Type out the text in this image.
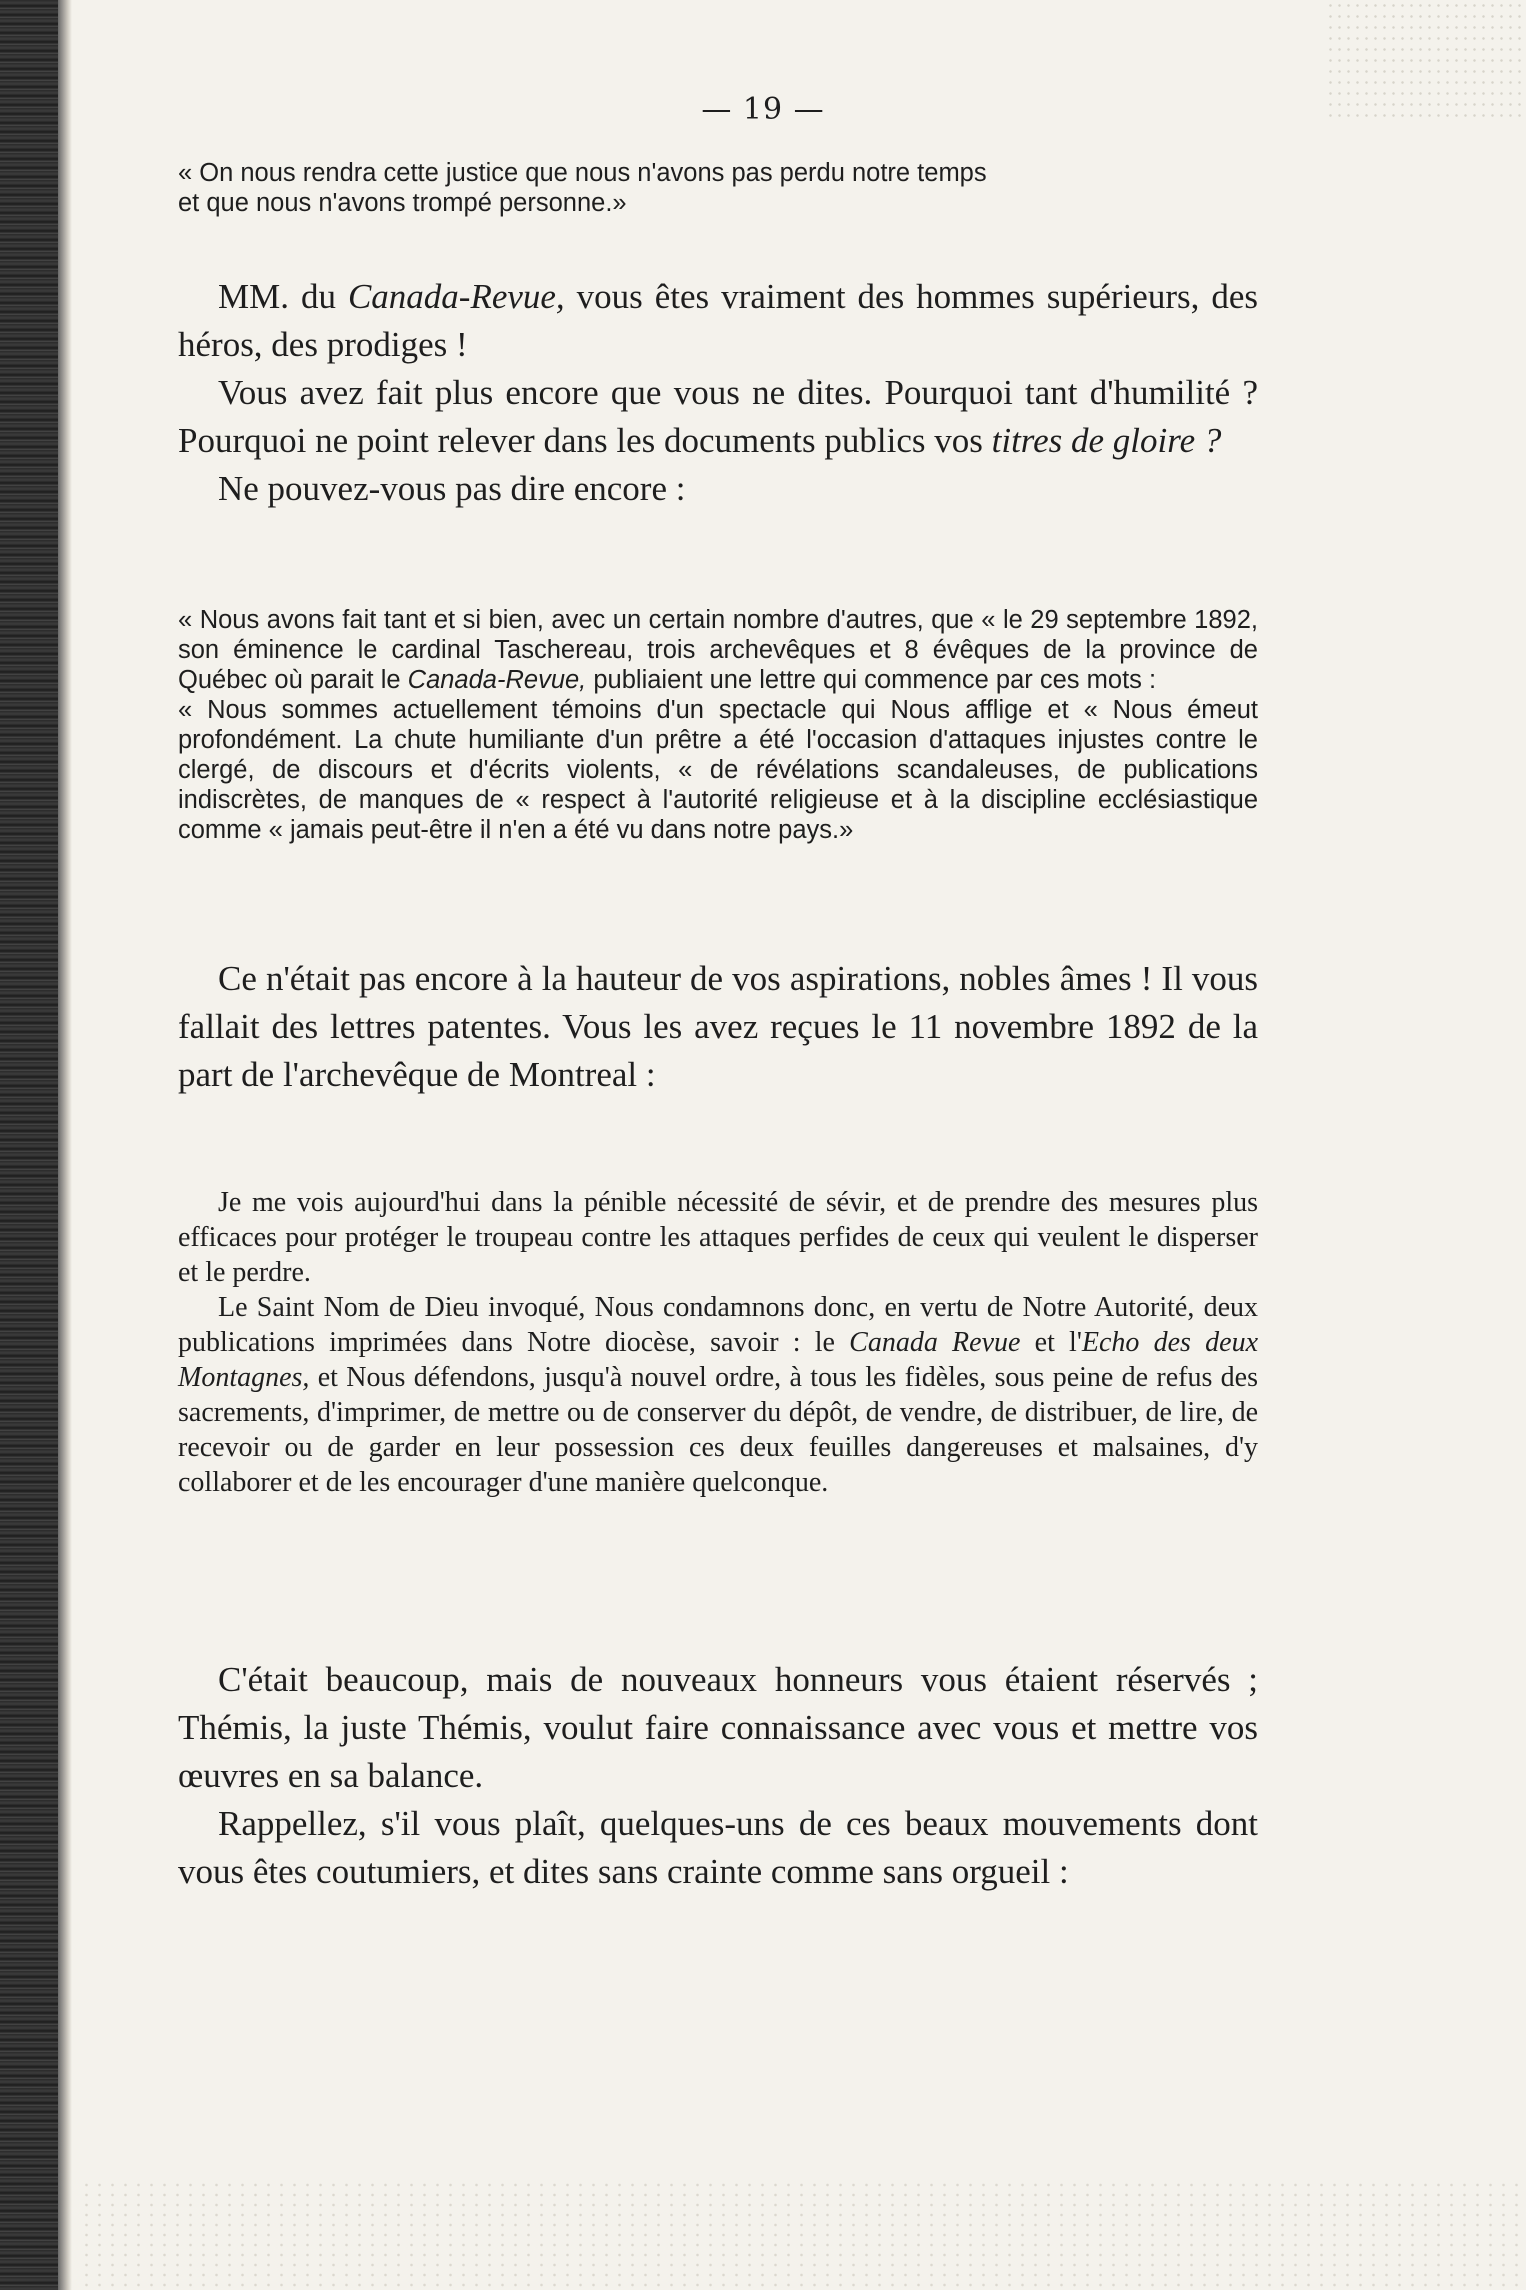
— 19 —

« On nous rendra cette justice que nous n'avons pas perdu notre temps

et que nous n'avons trompé personne.»

MM. du Canada-Revue, vous êtes vraiment des hommes supérieurs, des héros, des prodiges !

Vous avez fait plus encore que vous ne dites. Pourquoi tant d'humilité ? Pourquoi ne point relever dans les documents publics vos titres de gloire ?

Ne pouvez-vous pas dire encore :

« Nous avons fait tant et si bien, avec un certain nombre d'autres, que « le 29 septembre 1892, son éminence le cardinal Taschereau, trois archevêques et 8 évêques de la province de Québec où parait le Canada-Revue, publiaient une lettre qui commence par ces mots :

« Nous sommes actuellement témoins d'un spectacle qui Nous afflige et « Nous émeut profondément. La chute humiliante d'un prêtre a été l'occasion d'attaques injustes contre le clergé, de discours et d'écrits violents, « de révélations scandaleuses, de publications indiscrètes, de manques de « respect à l'autorité religieuse et à la discipline ecclésiastique comme « jamais peut-être il n'en a été vu dans notre pays.»

Ce n'était pas encore à la hauteur de vos aspirations, nobles âmes ! Il vous fallait des lettres patentes. Vous les avez reçues le 11 novembre 1892 de la part de l'archevêque de Montreal :

Je me vois aujourd'hui dans la pénible nécessité de sévir, et de prendre des mesures plus efficaces pour protéger le troupeau contre les attaques perfides de ceux qui veulent le disperser et le perdre.

Le Saint Nom de Dieu invoqué, Nous condamnons donc, en vertu de Notre Autorité, deux publications imprimées dans Notre diocèse, savoir : le Canada Revue et l'Echo des deux Montagnes, et Nous défendons, jusqu'à nouvel ordre, à tous les fidèles, sous peine de refus des sacrements, d'imprimer, de mettre ou de conserver du dépôt, de vendre, de distribuer, de lire, de recevoir ou de garder en leur possession ces deux feuilles dangereuses et malsaines, d'y collaborer et de les encourager d'une manière quelconque.

C'était beaucoup, mais de nouveaux honneurs vous étaient réservés ; Thémis, la juste Thémis, voulut faire connaissance avec vous et mettre vos œuvres en sa balance.

Rappellez, s'il vous plaît, quelques-uns de ces beaux mouvements dont vous êtes coutumiers, et dites sans crainte comme sans orgueil :
